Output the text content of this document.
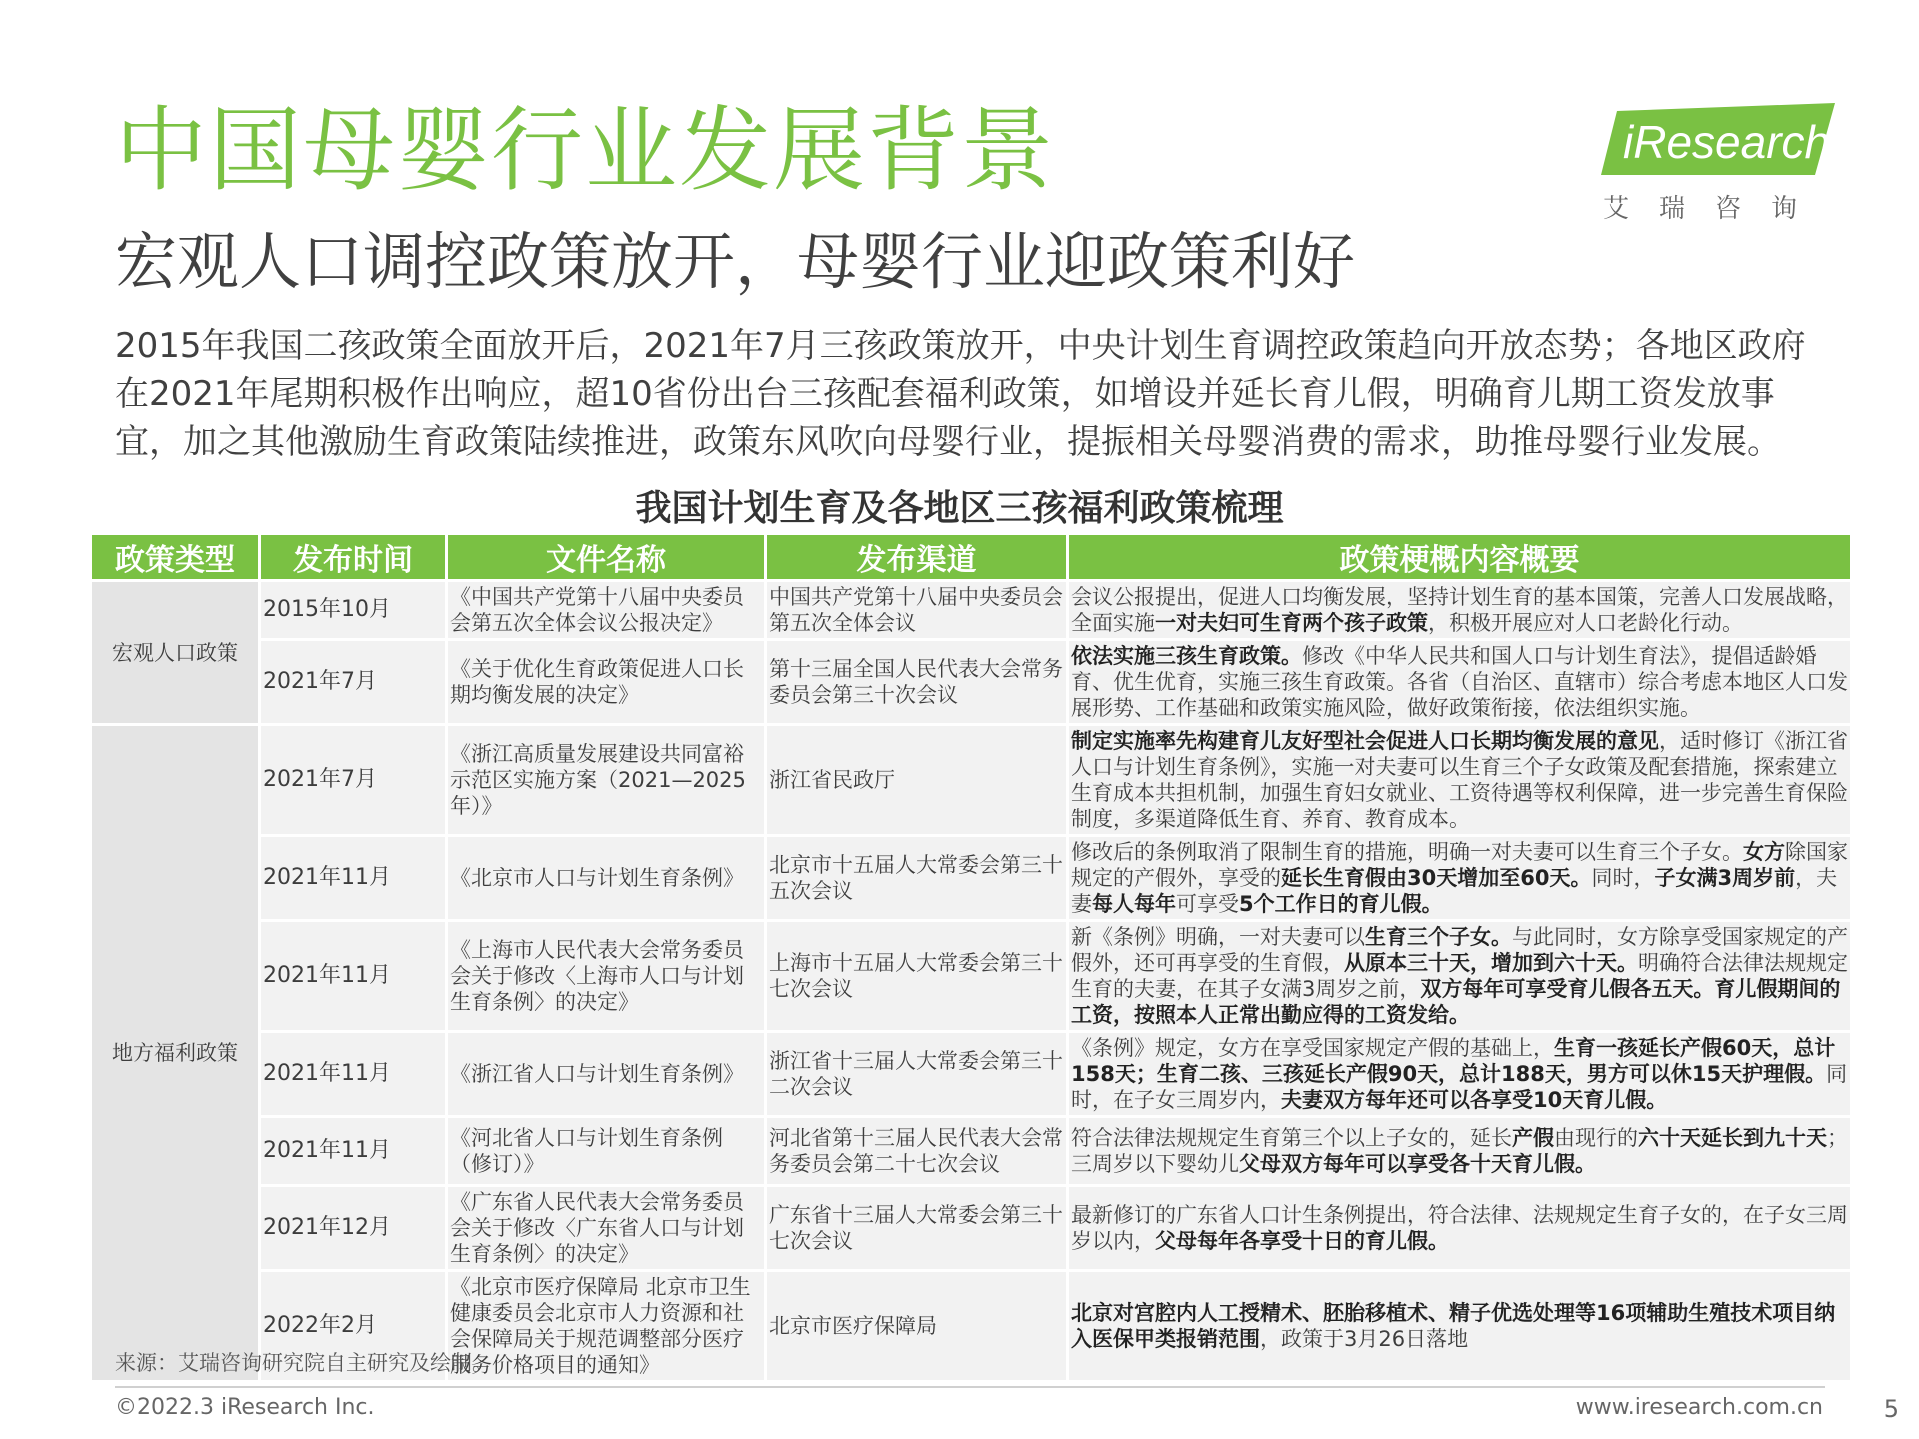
中国母婴行业发展背景	iResearch
艾瑞咨询
宏观人口调控政策放开，母婴行业迎政策利好
2015年我国二孩政策全面放开后，2021年7月三孩政策放开，中央计划生育调控政策趋向开放态势；各地区政府在2021年尾期积极作出响应，超10省份出台三孩配套福利政策，如增设并延长育儿假，明确育儿期工资发放事宜，加之其他激励生育政策陆续推进，政策东风吹向母婴行业，提振相关母婴消费的需求，助推母婴行业发展。
我国计划生育及各地区三孩福利政策梳理
政策类型	发布时间	文件名称	发布渠道	政策梗概内容概要
宏观人口政策	2015年10月	《中国共产党第十八届中央委员会第五次全体会议公报决定》	中国共产党第十八届中央委员会第五次全体会议	会议公报提出，促进人口均衡发展，坚持计划生育的基本国策，完善人口发展战略，全面实施一对夫妇可生育两个孩子政策，积极开展应对人口老龄化行动。
	2021年7月	《关于优化生育政策促进人口长期均衡发展的决定》	第十三届全国人民代表大会常务委员会第三十次会议	依法实施三孩生育政策。修改《中华人民共和国人口与计划生育法》，提倡适龄婚育、优生优育，实施三孩生育政策。各省（自治区、直辖市）综合考虑本地区人口发展形势、工作基础和政策实施风险，做好政策衔接，依法组织实施。
地方福利政策	2021年7月	《浙江高质量发展建设共同富裕示范区实施方案（2021—2025年）》	浙江省民政厅	制定实施率先构建育儿友好型社会促进人口长期均衡发展的意见，适时修订《浙江省人口与计划生育条例》，实施一对夫妻可以生育三个子女政策及配套措施，探索建立生育成本共担机制，加强生育妇女就业、工资待遇等权利保障，进一步完善生育保险制度，多渠道降低生育、养育、教育成本。
	2021年11月	《北京市人口与计划生育条例》	北京市十五届人大常委会第三十五次会议	修改后的条例取消了限制生育的措施，明确一对夫妻可以生育三个子女。女方除国家规定的产假外，享受的延长生育假由30天增加至60天。同时，子女满3周岁前，夫妻每人每年可享受5个工作日的育儿假。
	2021年11月	《上海市人民代表大会常务委员会关于修改〈上海市人口与计划生育条例〉的决定》	上海市十五届人大常委会第三十七次会议	新《条例》明确，一对夫妻可以生育三个子女。与此同时，女方除享受国家规定的产假外，还可再享受的生育假，从原本三十天，增加到六十天。明确符合法律法规规定生育的夫妻，在其子女满3周岁之前，双方每年可享受育儿假各五天。育儿假期间的工资，按照本人正常出勤应得的工资发给。
	2021年11月	《浙江省人口与计划生育条例》	浙江省十三届人大常委会第三十二次会议	《条例》规定，女方在享受国家规定产假的基础上，生育一孩延长产假60天，总计158天；生育二孩、三孩延长产假90天，总计188天，男方可以休15天护理假。同时，在子女三周岁内，夫妻双方每年还可以各享受10天育儿假。
	2021年11月	《河北省人口与计划生育条例（修订）》	河北省第十三届人民代表大会常务委员会第二十七次会议	符合法律法规规定生育第三个以上子女的，延长产假由现行的六十天延长到九十天；三周岁以下婴幼儿父母双方每年可以享受各十天育儿假。
	2021年12月	《广东省人民代表大会常务委员会关于修改〈广东省人口与计划生育条例〉的决定》	广东省十三届人大常委会第三十七次会议	最新修订的广东省人口计生条例提出，符合法律、法规规定生育子女的，在子女三周岁以内，父母每年各享受十日的育儿假。
	2022年2月	《北京市医疗保障局 北京市卫生健康委员会北京市人力资源和社会保障局关于规范调整部分医疗服务价格项目的通知》	北京市医疗保障局	北京对宫腔内人工授精术、胚胎移植术、精子优选处理等16项辅助生殖技术项目纳入医保甲类报销范围，政策于3月26日落地
来源：艾瑞咨询研究院自主研究及绘制。
©2022.3 iResearch Inc.	www.iresearch.com.cn	5
